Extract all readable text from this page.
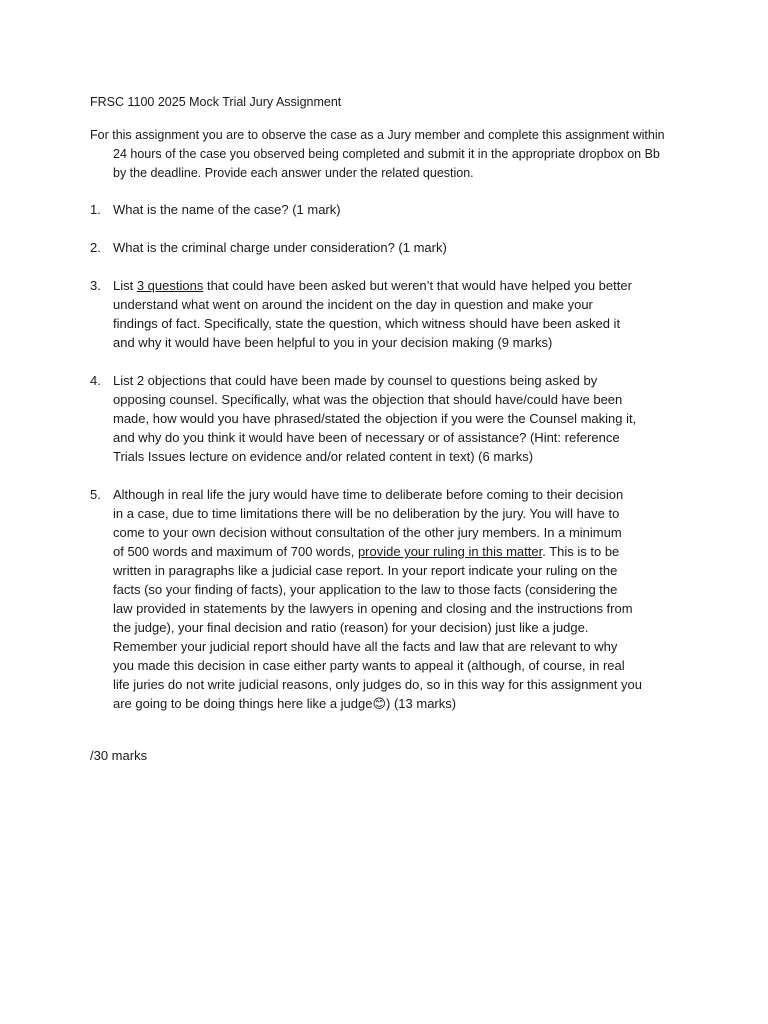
FRSC 1100 2025 Mock Trial Jury Assignment
For this assignment you are to observe the case as a Jury member and complete this assignment within
24 hours of the case you observed being completed and submit it in the appropriate dropbox on Bb
by the deadline. Provide each answer under the related question.
1. What is the name of the case? (1 mark)
2. What is the criminal charge under consideration? (1 mark)
3. List 3 questions that could have been asked but weren’t that would have helped you better
understand what went on around the incident on the day in question and make your
findings of fact. Specifically, state the question, which witness should have been asked it
and why it would have been helpful to you in your decision making (9 marks)
4. List 2 objections that could have been made by counsel to questions being asked by
opposing counsel. Specifically, what was the objection that should have/could have been
made, how would you have phrased/stated the objection if you were the Counsel making it,
and why do you think it would have been of necessary or of assistance? (Hint: reference
Trials Issues lecture on evidence and/or related content in text) (6 marks)
5. Although in real life the jury would have time to deliberate before coming to their decision
in a case, due to time limitations there will be no deliberation by the jury. You will have to
come to your own decision without consultation of the other jury members. In a minimum
of 500 words and maximum of 700 words, provide your ruling in this matter. This is to be
written in paragraphs like a judicial case report. In your report indicate your ruling on the
facts (so your finding of facts), your application to the law to those facts (considering the
law provided in statements by the lawyers in opening and closing and the instructions from
the judge), your final decision and ratio (reason) for your decision) just like a judge.
Remember your judicial report should have all the facts and law that are relevant to why
you made this decision in case either party wants to appeal it (although, of course, in real
life juries do not write judicial reasons, only judges do, so in this way for this assignment you
are going to be doing things here like a judge😊) (13 marks)
/30 marks
